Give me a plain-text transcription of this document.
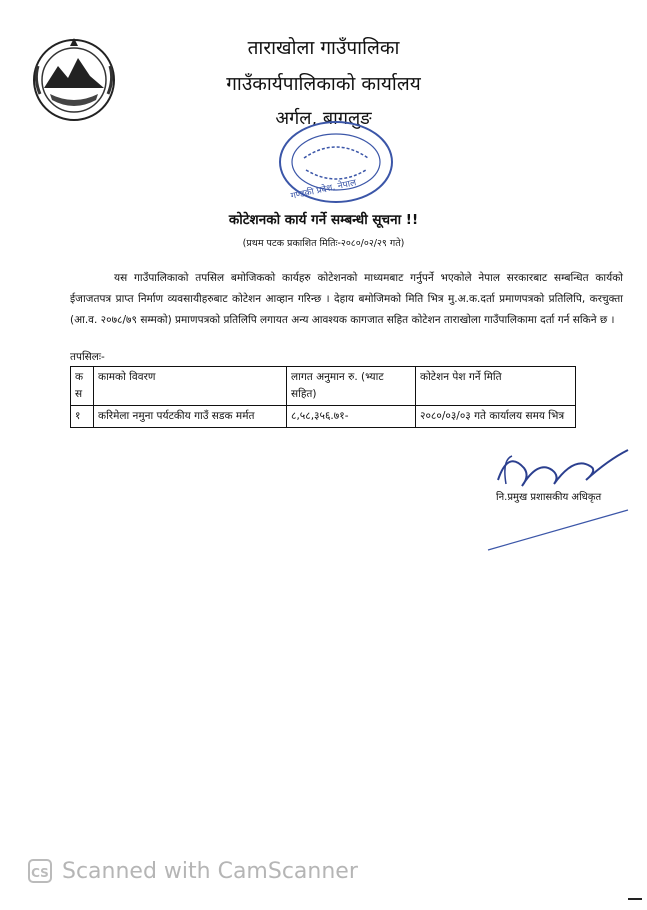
ताराखोला गाउँपालिका
गाउँकार्यपालिकाको कार्यालय
अर्गल, बागलुङ
गण्डकी प्रदेश, नेपाल
कोटेशनको कार्य गर्ने सम्बन्धी सूचना !!
(प्रथम पटक प्रकाशित मितिः-२०८०/०२/२९ गते)

यस गाउँपालिकाको तपसिल बमोजिकको कार्यहरु कोटेशनको माध्यमबाट गर्नुपर्ने भएकोले नेपाल सरकारबाट सम्बन्धित कार्यको ईजाजतपत्र प्राप्त निर्माण व्यवसायीहरुबाट कोटेशन आव्हान गरिन्छ । देहाय बमोजिमको मिति भित्र मु.अ.क.दर्ता प्रमाणपत्रको प्रतिलिपि, करचुक्ता (आ.व. २०७८/७९ सम्मको) प्रमाणपत्रको प्रतिलिपि लगायत अन्य आवश्यक कागजात सहित कोटेशन ताराखोला गाउँपालिकामा दर्ता गर्न सकिने छ ।

तपसिलः-
क स	कामको विवरण	लागत अनुमान रु. (भ्याट सहित)	कोटेशन पेश गर्ने मिति
१	करिमेला नमुना पर्यटकीय गाउँ सडक मर्मत	८,५८,३५६.७१-	२०८०/०३/०३ गते कार्यालय समय भित्र
नि.प्रमुख प्रशासकीय अधिकृत
CS Scanned with CamScanner
